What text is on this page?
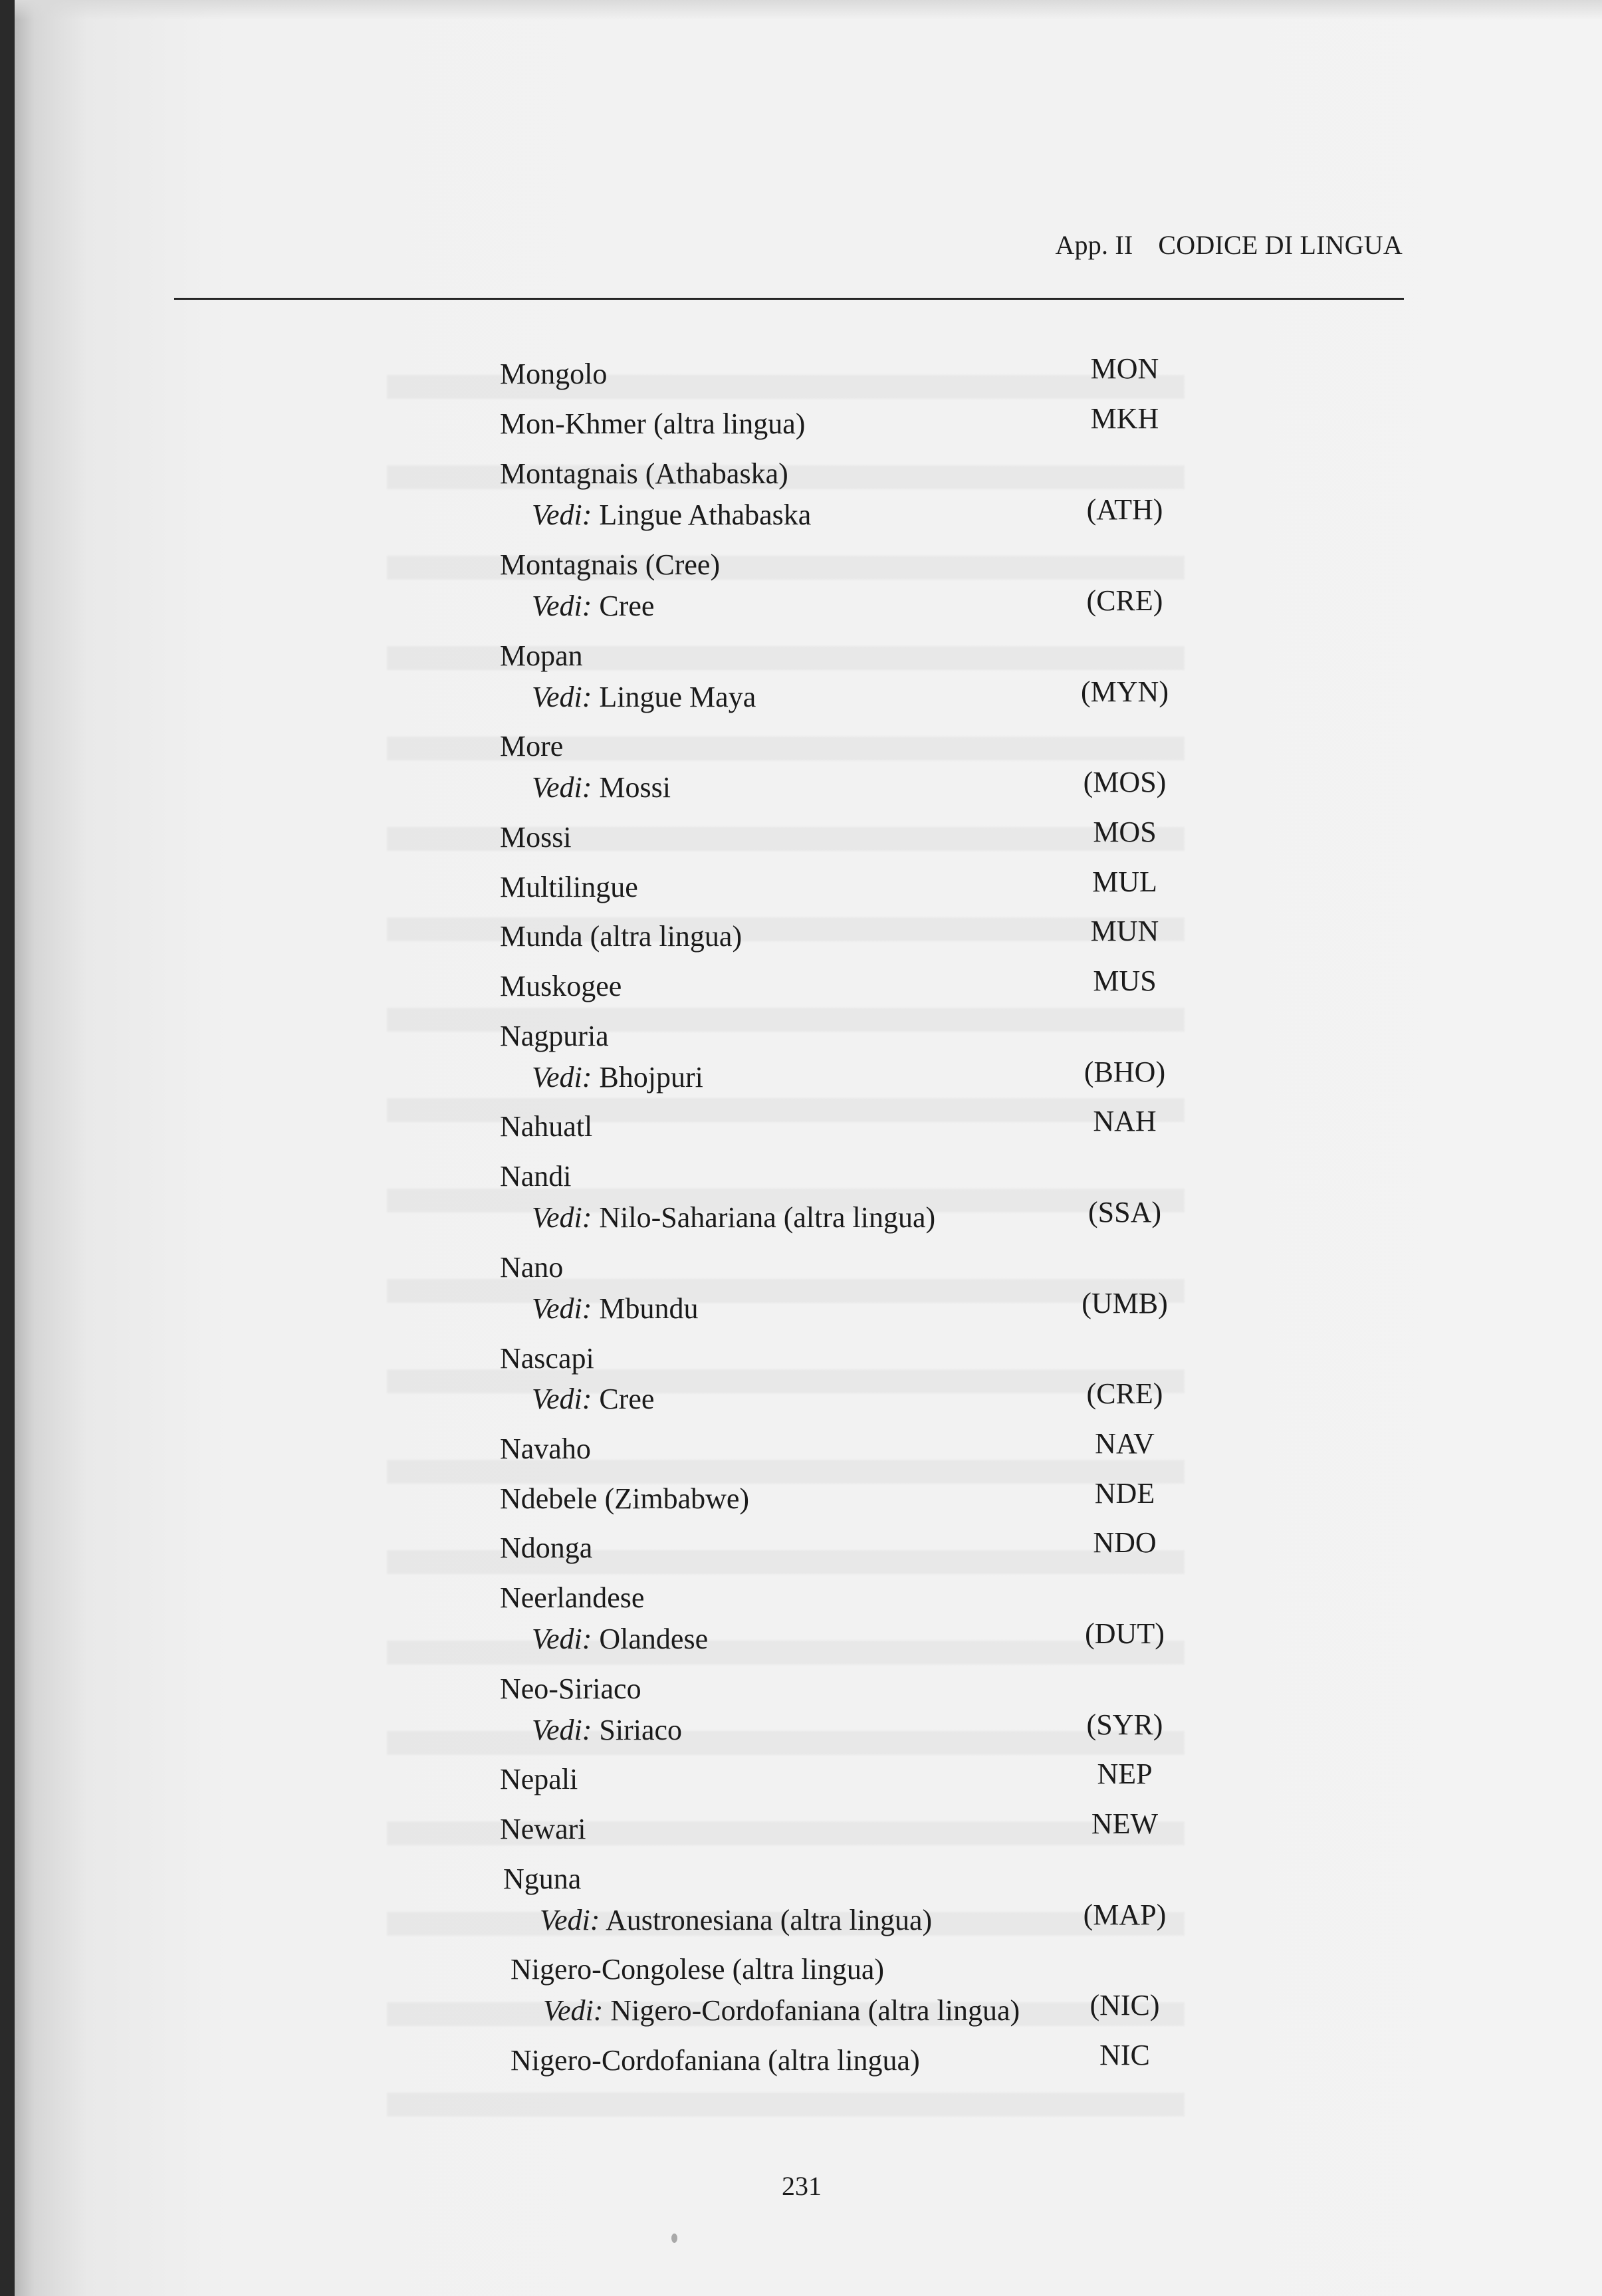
App. II CODICE DI LINGUA
Mongolo	MON
Mon-Khmer (altra lingua)	MKH
Montagnais (Athabaska)
Vedi: Lingue Athabaska	(ATH)
Montagnais (Cree)
Vedi: Cree	(CRE)
Mopan
Vedi: Lingue Maya	(MYN)
More
Vedi: Mossi	(MOS)
Mossi	MOS
Multilingue	MUL
Munda (altra lingua)	MUN
Muskogee	MUS
Nagpuria
Vedi: Bhojpuri	(BHO)
Nahuatl	NAH
Nandi
Vedi: Nilo-Sahariana (altra lingua)	(SSA)
Nano
Vedi: Mbundu	(UMB)
Nascapi
Vedi: Cree	(CRE)
Navaho	NAV
Ndebele (Zimbabwe)	NDE
Ndonga	NDO
Neerlandese
Vedi: Olandese	(DUT)
Neo-Siriaco
Vedi: Siriaco	(SYR)
Nepali	NEP
Newari	NEW
Nguna
Vedi: Austronesiana (altra lingua)	(MAP)
Nigero-Congolese (altra lingua)
Vedi: Nigero-Cordofaniana (altra lingua) (NIC)
Nigero-Cordofaniana (altra lingua)	NIC
231
